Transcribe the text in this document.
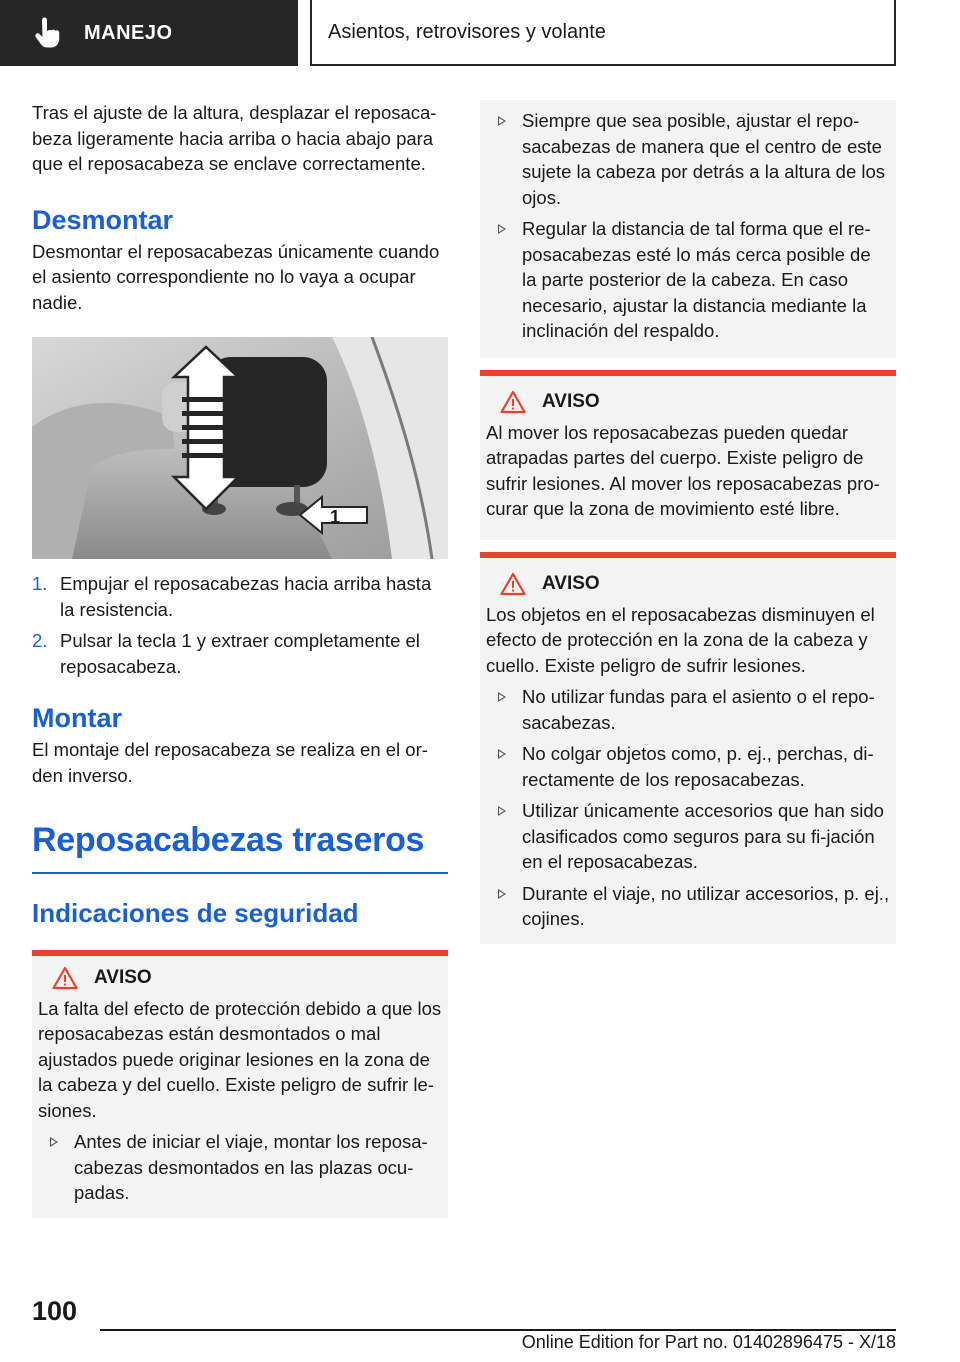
MANEJO	Asientos, retrovisores y volante

Tras el ajuste de la altura, desplazar el reposaca-beza ligeramente hacia arriba o hacia abajo para que el reposacabeza se enclave correctamente.

Desmontar

Desmontar el reposacabezas únicamente cuando el asiento correspondiente no lo vaya a ocupar nadie.

1
1. Empujar el reposacabezas hacia arriba hasta la resistencia.
2. Pulsar la tecla 1 y extraer completamente el reposacabeza.
Montar

El montaje del reposacabeza se realiza en el or-den inverso.

Reposacabezas traseros
Indicaciones de seguridad
AVISO

La falta del efecto de protección debido a que los reposacabezas están desmontados o mal ajustados puede originar lesiones en la zona de la cabeza y del cuello. Existe peligro de sufrir le-siones.

Antes de iniciar el viaje, montar los reposa-cabezas desmontados en las plazas ocu-padas.
Siempre que sea posible, ajustar el repo-sacabezas de manera que el centro de este sujete la cabeza por detrás a la altura de los ojos.
Regular la distancia de tal forma que el re-posacabezas esté lo más cerca posible de la parte posterior de la cabeza. En caso necesario, ajustar la distancia mediante la inclinación del respaldo.
AVISO

Al mover los reposacabezas pueden quedar atrapadas partes del cuerpo. Existe peligro de sufrir lesiones. Al mover los reposacabezas pro-curar que la zona de movimiento esté libre.

AVISO

Los objetos en el reposacabezas disminuyen el efecto de protección en la zona de la cabeza y cuello. Existe peligro de sufrir lesiones.

No utilizar fundas para el asiento o el repo-sacabezas.
No colgar objetos como, p. ej., perchas, di-rectamente de los reposacabezas.
Utilizar únicamente accesorios que han sido clasificados como seguros para su fi-jación en el reposacabezas.
Durante el viaje, no utilizar accesorios, p. ej., cojines.
100
Online Edition for Part no. 01402896475 - X/18
